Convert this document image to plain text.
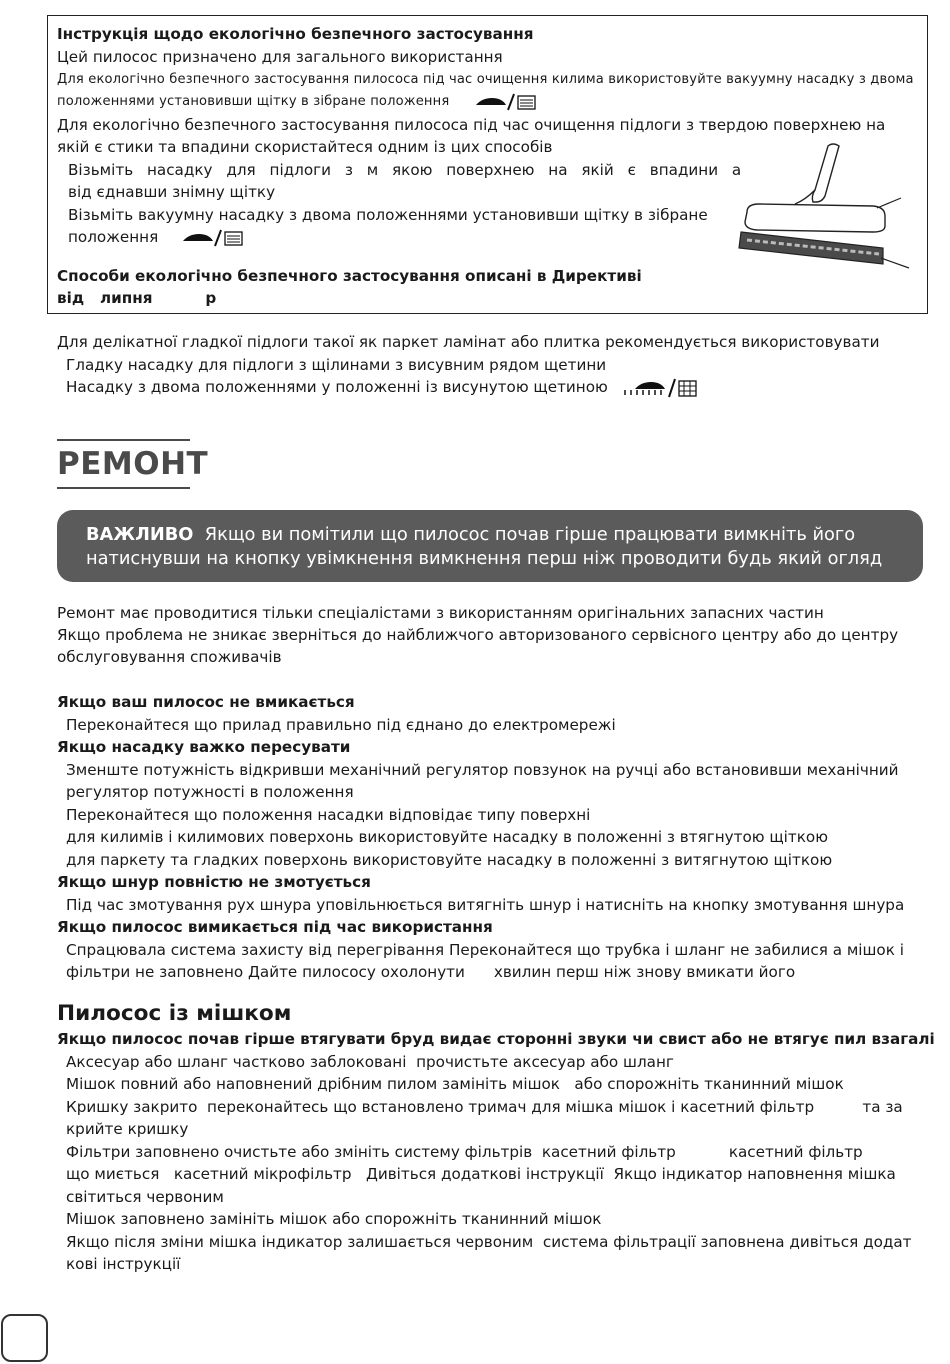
Інструкція щодо екологічно безпечного застосування
Цей пилосос призначено для загального використання
Для екологічно безпечного застосування пилососа під час очищення килима використовуйте вакуумну насадку з двома
положеннями установивши щітку в зібране положення
Для екологічно безпечного застосування пилососа під час очищення підлоги з твердою поверхнею на
якій є стики та впадини скористайтеся одним із цих способів
Візьміть насадку для підлоги з м якою поверхнею на якій є впадини а
від єднавши знімну щітку
Візьміть вакуумну насадку з двома положеннями установивши щітку в зібране
положення
Способи екологічно безпечного застосування описані в Директиві
від   липня          р
Для делікатної гладкої підлоги такої як паркет ламінат або плитка рекомендується використовувати
Гладку насадку для підлоги з щілинами з висувним рядом щетини
Насадку з двома положеннями у положенні із висунутою щетиною
РЕМОНТ
ВАЖЛИВО Якщо ви помітили що пилосос почав гірше працювати вимкніть його
натиснувши на кнопку увімкнення вимкнення перш ніж проводити будь який огляд
Ремонт має проводитися тільки спеціалістами з використанням оригінальних запасних частин
Якщо проблема не зникає зверніться до найближчого авторизованого сервісного центру або до центру
обслуговування споживачів
Якщо ваш пилосос не вмикається
Переконайтеся що прилад правильно під єднано до електромережі
Якщо насадку важко пересувати
Зменште потужність відкривши механічний регулятор повзунок на ручці або встановивши механічний
регулятор потужності в положення
Переконайтеся що положення насадки відповідає типу поверхні
для килимів і килимових поверхонь використовуйте насадку в положенні з втягнутою щіткою
для паркету та гладких поверхонь використовуйте насадку в положенні з витягнутою щіткою
Якщо шнур повністю не змотується
Під час змотування рух шнура уповільнюється витягніть шнур і натисніть на кнопку змотування шнура
Якщо пилосос вимикається під час використання
Спрацювала система захисту від перегрівання Переконайтеся що трубка і шланг не забилися а мішок і
фільтри не заповнено Дайте пилососу охолонути      хвилин перш ніж знову вмикати його
Пилосос із мішком
Якщо пилосос почав гірше втягувати бруд видає сторонні звуки чи свист або не втягує пил взагалі
Аксесуар або шланг частково заблоковані  прочистьте аксесуар або шланг
Мішок повний або наповнений дрібним пилом замініть мішок   або спорожніть тканинний мішок
Кришку закрито  переконайтесь що встановлено тримач для мішка мішок і касетний фільтр          та за
крийте кришку
Фільтри заповнено очистьте або змініть систему фільтрів  касетний фільтр           касетний фільтр
що миється   касетний мікрофільтр   Дивіться додаткові інструкції  Якщо індикатор наповнення мішка
світиться червоним
Мішок заповнено замініть мішок або спорожніть тканинний мішок
Якщо після зміни мішка індикатор залишається червоним  система фільтрації заповнена дивіться додат
кові інструкції
